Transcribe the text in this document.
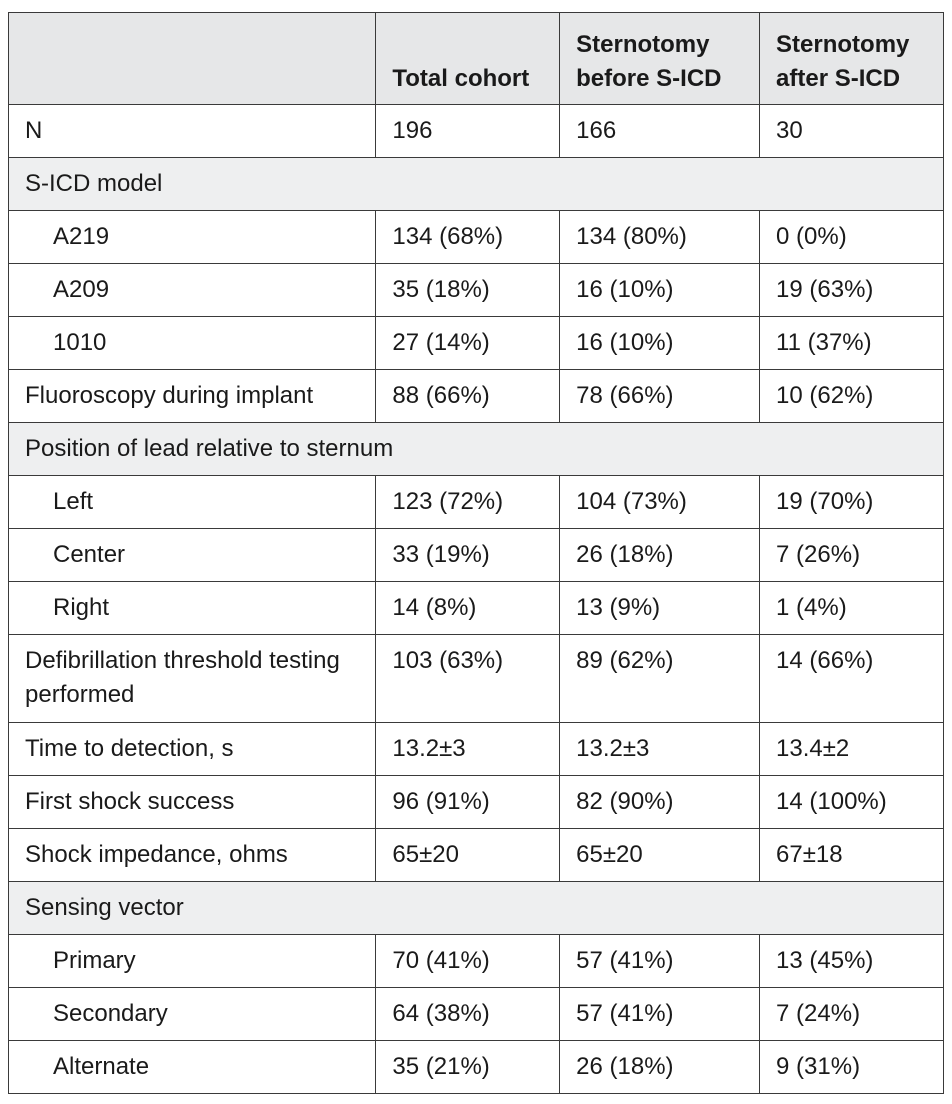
	Total cohort	Sternotomy before S-ICD	Sternotomy after S-ICD
N	196	166	30
S-ICD model			
A219	134 (68%)	134 (80%)	0 (0%)
A209	35 (18%)	16 (10%)	19 (63%)
1010	27 (14%)	16 (10%)	11 (37%)
Fluoroscopy during implant	88 (66%)	78 (66%)	10 (62%)
Position of lead relative to sternum			
Left	123 (72%)	104 (73%)	19 (70%)
Center	33 (19%)	26 (18%)	7 (26%)
Right	14 (8%)	13 (9%)	1 (4%)
Defibrillation threshold testing performed	103 (63%)	89 (62%)	14 (66%)
Time to detection, s	13.2±3	13.2±3	13.4±2
First shock success	96 (91%)	82 (90%)	14 (100%)
Shock impedance, ohms	65±20	65±20	67±18
Sensing vector			
Primary	70 (41%)	57 (41%)	13 (45%)
Secondary	64 (38%)	57 (41%)	7 (24%)
Alternate	35 (21%)	26 (18%)	9 (31%)
